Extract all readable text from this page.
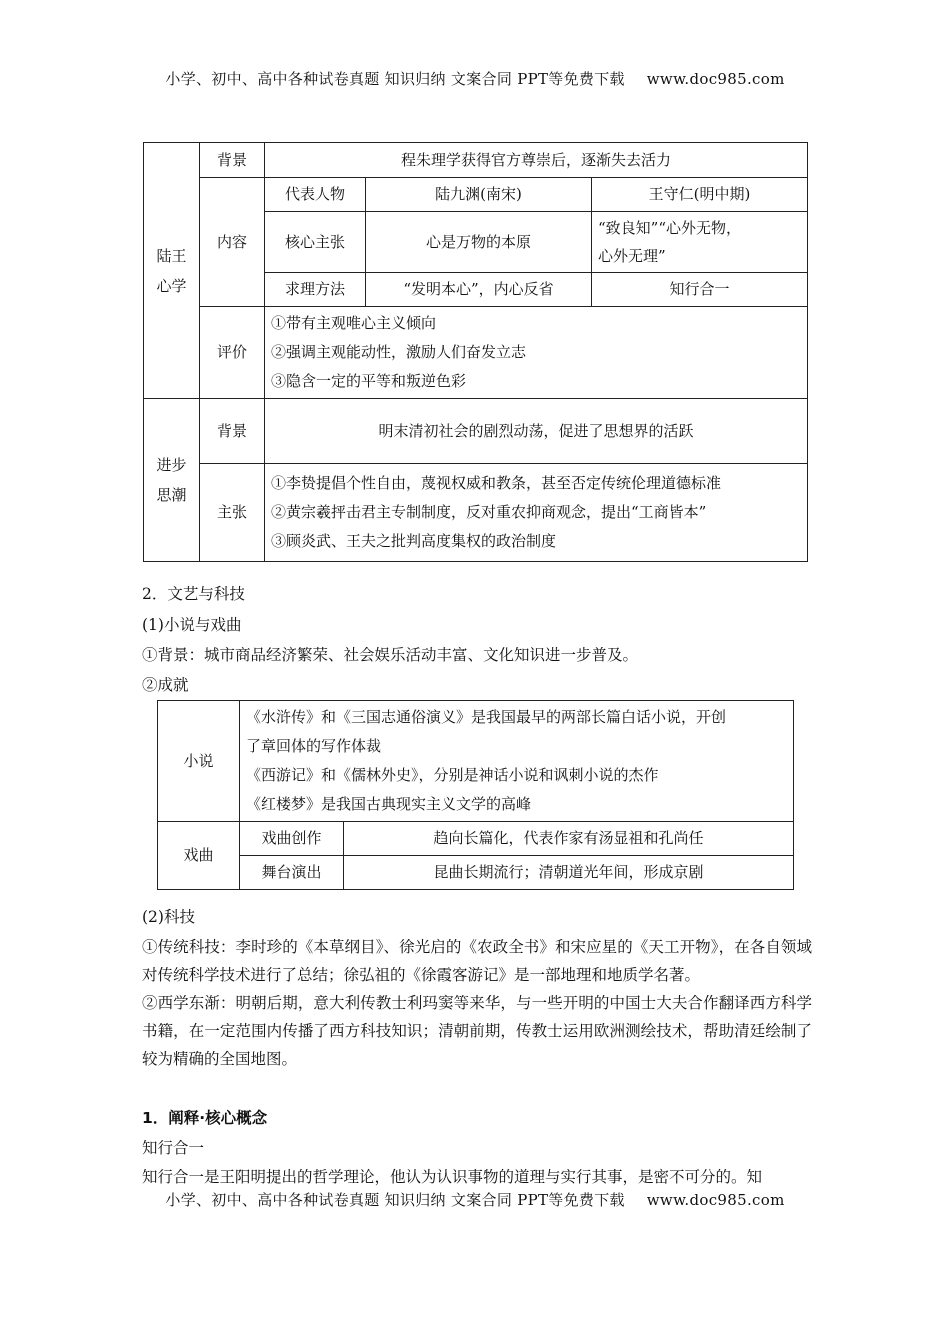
小学、初中、高中各种试卷真题 知识归纳 文案合同 PPT等免费下载 www.doc985.com
陆王
心学	背景	程朱理学获得官方尊崇后，逐渐失去活力		
	内容	代表人物	陆九渊(南宋)	王守仁(明中期)
		核心主张	心是万物的本原	“致良知”“心外无物，
心外无理”

		求理方法	“发明本心”，内心反省	知行合一
	评价	①带有主观唯心主义倾向
②强调主观能动性，激励人们奋发立志
③隐含一定的平等和叛逆色彩		

进步
思潮	背景	明末清初社会的剧烈动荡，促进了思想界的活跃		
	主张	①李贽提倡个性自由，蔑视权威和教条，甚至否定传统伦理道德标准
②黄宗羲抨击君主专制制度，反对重农抑商观念，提出“工商皆本”
③顾炎武、王夫之批判高度集权的政治制度		
2．文艺与科技
(1)小说与戏曲
①背景：城市商品经济繁荣、社会娱乐活动丰富、文化知识进一步普及。
②成就
小说	《水浒传》和《三国志通俗演义》是我国最早的两部长篇白话小说，开创
了章回体的写作体裁
《西游记》和《儒林外史》，分别是神话小说和讽刺小说的杰作
《红楼梦》是我国古典现实主义文学的高峰	

戏曲	戏曲创作	趋向长篇化，代表作家有汤显祖和孔尚任
	舞台演出	昆曲长期流行；清朝道光年间，形成京剧
(2)科技
①传统科技：李时珍的《本草纲目》、徐光启的《农政全书》和宋应星的《天工开物》，在各自领域对传统科学技术进行了总结；徐弘祖的《徐霞客游记》是一部地理和地质学名著。
②西学东渐：明朝后期，意大利传教士利玛窦等来华，与一些开明的中国士大夫合作翻译西方科学书籍，在一定范围内传播了西方科技知识；清朝前期，传教士运用欧洲测绘技术，帮助清廷绘制了较为精确的全国地图。
1．阐释·核心概念
知行合一
知行合一是王阳明提出的哲学理论，他认为认识事物的道理与实行其事，是密不可分的。知
小学、初中、高中各种试卷真题 知识归纳 文案合同 PPT等免费下载 www.doc985.com
